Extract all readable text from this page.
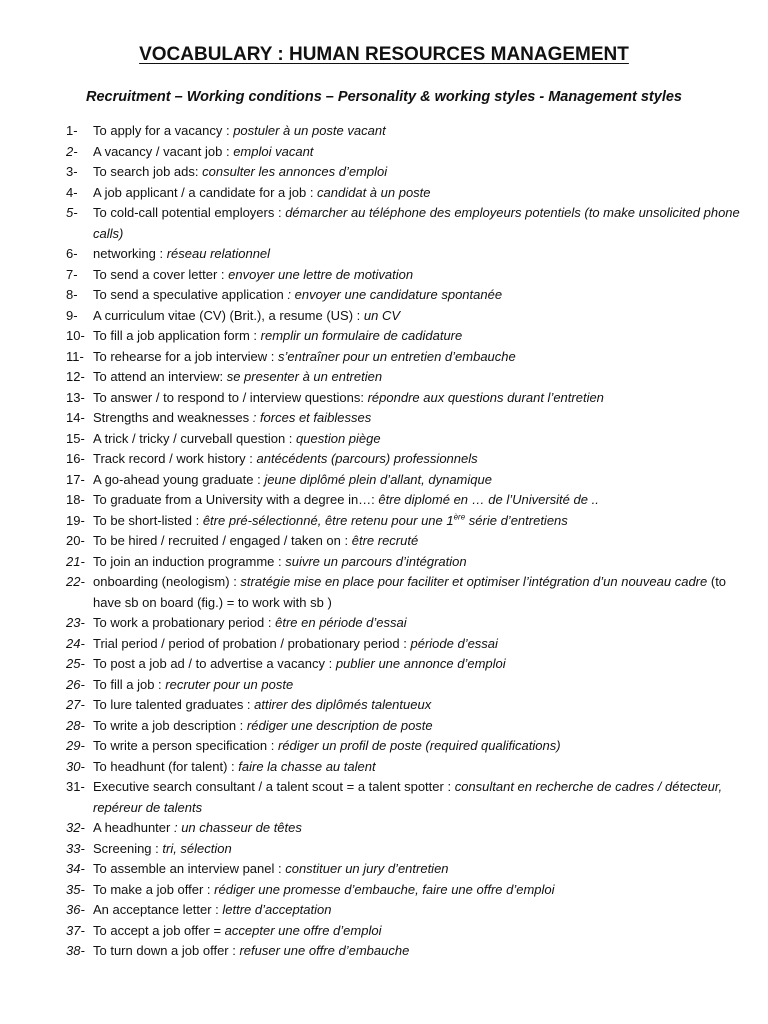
VOCABULARY : HUMAN RESOURCES MANAGEMENT
Recruitment – Working conditions – Personality & working styles - Management styles
1-	To apply for a vacancy : postuler à un poste vacant
2-	A vacancy / vacant job : emploi vacant
3-	To search job ads: consulter les annonces d’emploi
4-	A job applicant / a candidate for a job : candidat à un poste
5-	To cold-call potential employers : démarcher au téléphone des employeurs potentiels (to make unsolicited phone calls)
6-	networking : réseau relationnel
7-	To send a cover letter : envoyer une lettre de motivation
8-	To send a speculative application : envoyer une candidature spontanée
9-	A curriculum vitae (CV) (Brit.), a resume (US) : un CV
10- To fill a job application form : remplir un formulaire de cadidature
11- To rehearse for a job interview : s’entraîner pour un entretien d’embauche
12- To attend an interview: se presenter à un entretien
13- To answer / to respond to / interview questions: répondre aux questions durant l’entretien
14- Strengths and weaknesses : forces et faiblesses
15- A trick / tricky / curveball question : question piège
16- Track record / work history : antécédents (parcours) professionnels
17- A go-ahead young graduate : jeune diplômé plein d’allant, dynamique
18- To graduate from a University with a degree in…: être diplomé en … de l’Université de ..
19- To be short-listed : être pré-sélectionné, être retenu pour une 1ère série d’entretiens
20- To be hired / recruited / engaged / taken on : être recruté
21- To join an induction programme : suivre un parcours d’intégration
22- onboarding (neologism) : stratégie mise en place pour faciliter et optimiser l’intégration d’un nouveau cadre (to have sb on board (fig.) = to work with sb )
23- To work a probationary period : être en période d’essai
24- Trial period / period of probation / probationary period : période d’essai
25- To post a job ad / to advertise a vacancy : publier une annonce d’emploi
26- To fill a job : recruter pour un poste
27- To lure talented graduates : attirer des diplômés talentueux
28- To write a job description : rédiger une description de poste
29- To write a person specification : rédiger un profil de poste (required qualifications)
30- To headhunt (for talent) : faire la chasse au talent
31- Executive search consultant / a talent scout = a talent spotter : consultant en recherche de cadres / détecteur, repéreur de talents
32- A headhunter : un chasseur de têtes
33- Screening : tri, sélection
34- To assemble an interview panel : constituer un jury d’entretien
35- To make a job offer : rédiger une promesse d’embauche, faire une offre d’emploi
36- An acceptance letter : lettre d’acceptation
37- To accept a job offer = accepter une offre d’emploi
38- To turn down a job offer : refuser une offre d’embauche
